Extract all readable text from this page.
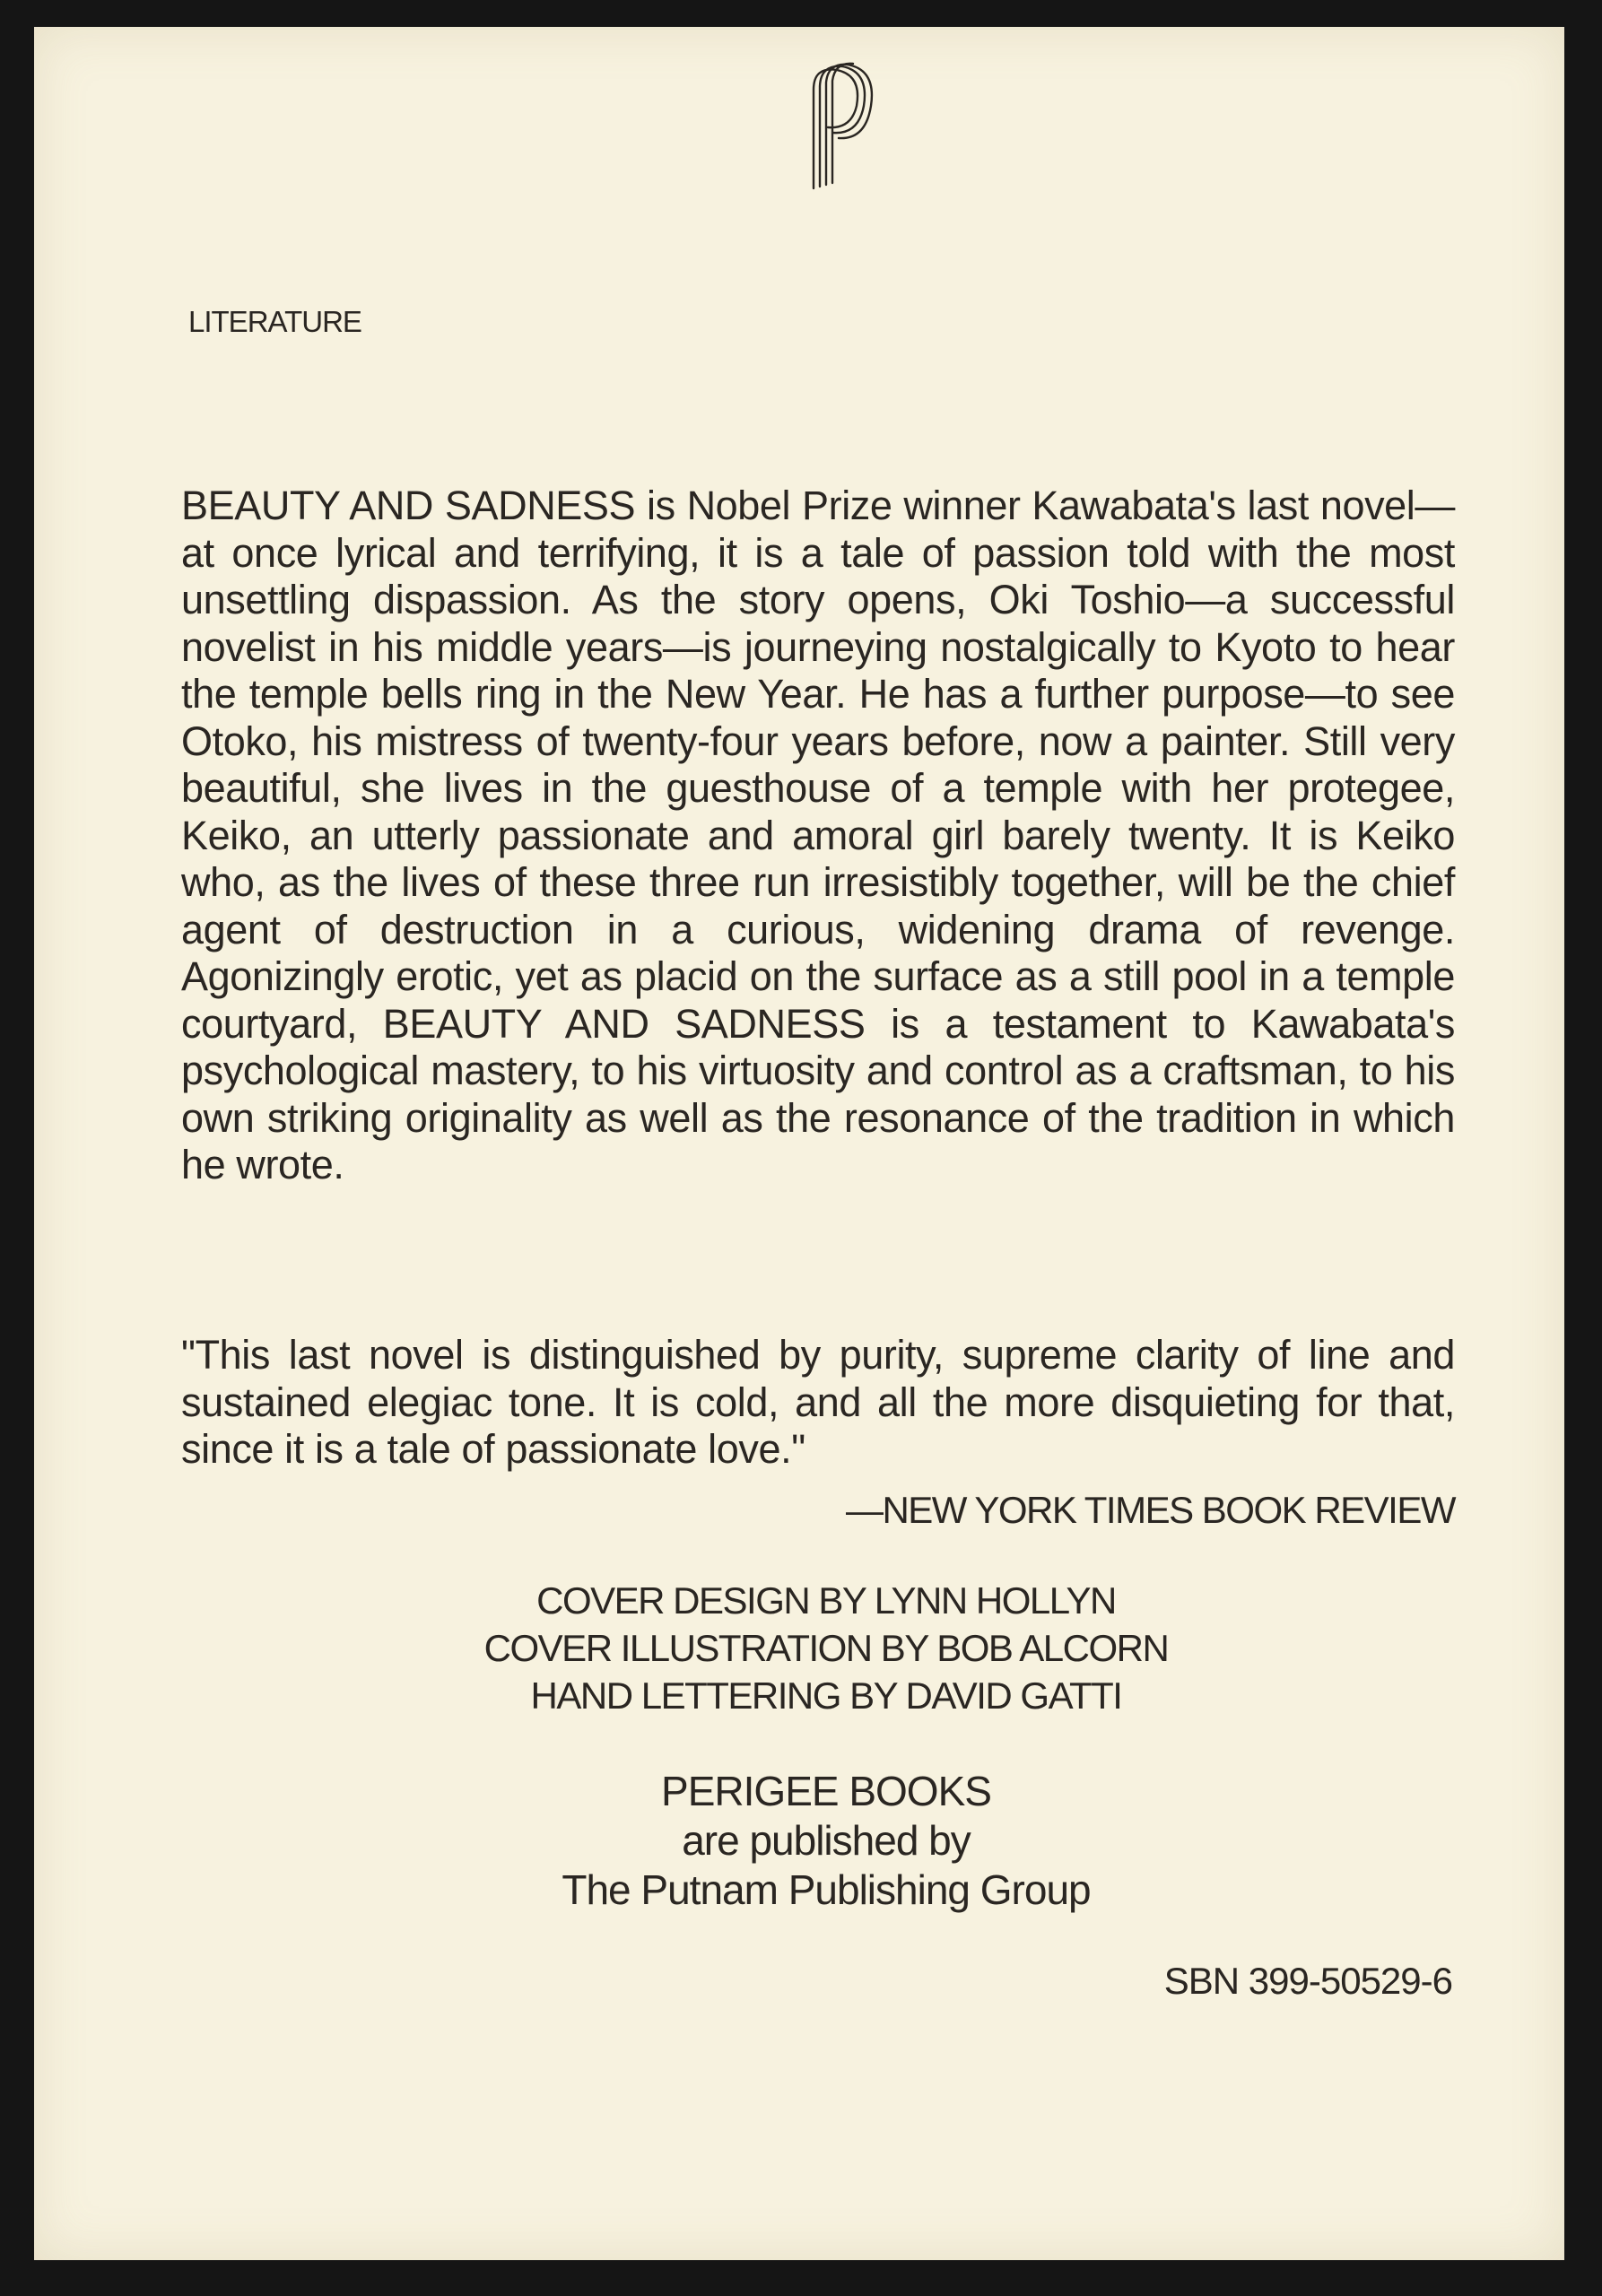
LITERATURE

BEAUTY AND SADNESS is Nobel Prize winner Kawabata's last novel—at once lyrical and terrifying, it is a tale of passion told with the most unsettling dispassion. As the story opens, Oki Toshio—a successful novelist in his middle years—is journeying nostalgically to Kyoto to hear the temple bells ring in the New Year. He has a further purpose—to see Otoko, his mistress of twenty-four years before, now a painter. Still very beautiful, she lives in the guesthouse of a temple with her protegee, Keiko, an utterly passionate and amoral girl barely twenty. It is Keiko who, as the lives of these three run irresistibly together, will be the chief agent of destruction in a curious, widening drama of revenge. Agonizingly erotic, yet as placid on the surface as a still pool in a temple courtyard, BEAUTY AND SADNESS is a testament to Kawabata's psychological mastery, to his virtuosity and control as a craftsman, to his own striking originality as well as the resonance of the tradition in which he wrote.

"This last novel is distinguished by purity, supreme clarity of line and sustained elegiac tone. It is cold, and all the more disquieting for that, since it is a tale of passionate love."

—NEW YORK TIMES BOOK REVIEW
COVER DESIGN BY LYNN HOLLYN
COVER ILLUSTRATION BY BOB ALCORN
HAND LETTERING BY DAVID GATTI
PERIGEE BOOKS
are published by
The Putnam Publishing Group
SBN 399-50529-6
